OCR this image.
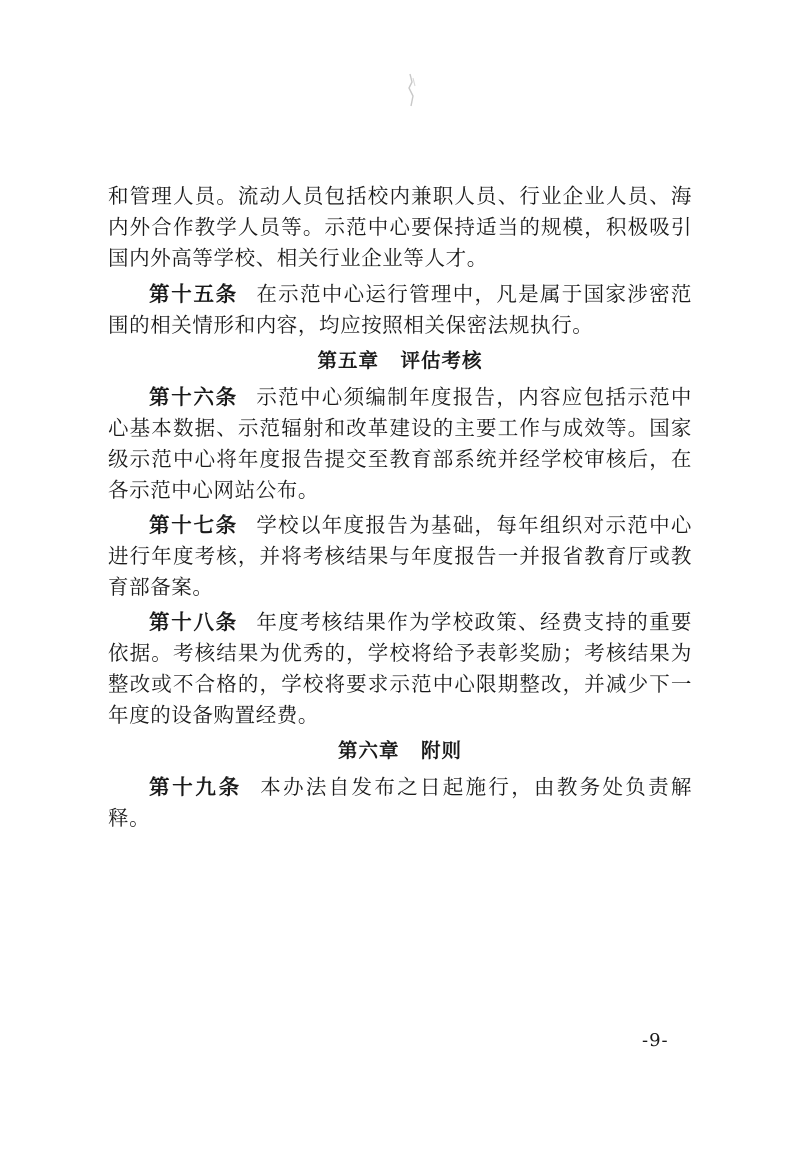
和管理人员。流动人员包括校内兼职人员、行业企业人员、海内外合作教学人员等。示范中心要保持适当的规模，积极吸引国内外高等学校、相关行业企业等人才。

第十五条 在示范中心运行管理中，凡是属于国家涉密范围的相关情形和内容，均应按照相关保密法规执行。

第五章 评估考核

第十六条 示范中心须编制年度报告，内容应包括示范中心基本数据、示范辐射和改革建设的主要工作与成效等。国家级示范中心将年度报告提交至教育部系统并经学校审核后，在各示范中心网站公布。

第十七条 学校以年度报告为基础，每年组织对示范中心进行年度考核，并将考核结果与年度报告一并报省教育厅或教育部备案。

第十八条 年度考核结果作为学校政策、经费支持的重要依据。考核结果为优秀的，学校将给予表彰奖励；考核结果为整改或不合格的，学校将要求示范中心限期整改，并减少下一年度的设备购置经费。

第六章 附则

第十九条 本办法自发布之日起施行，由教务处负责解释。

-9-
